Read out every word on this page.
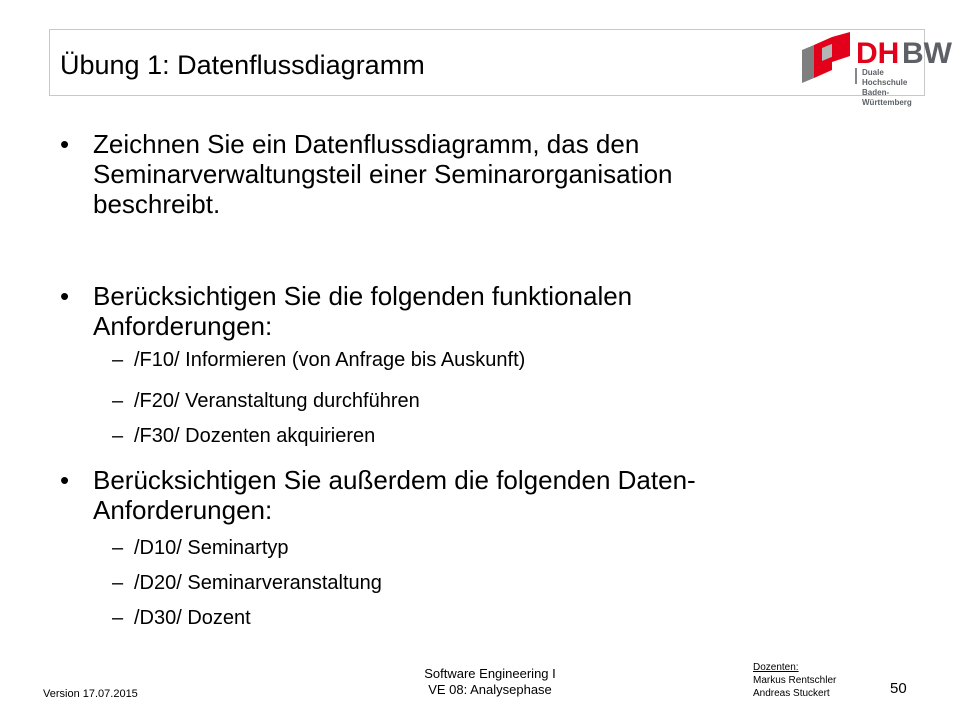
Übung 1: Datenflussdiagramm	DH BW
Duale Hochschule
Baden-Württemberg
• Zeichnen Sie ein Datenflussdiagramm, das den
Seminarverwaltungsteil einer Seminarorganisation
beschreibt.
• Berücksichtigen Sie die folgenden funktionalen
Anforderungen:
– /F10/ Informieren (von Anfrage bis Auskunft)
– /F20/ Veranstaltung durchführen
– /F30/ Dozenten akquirieren
• Berücksichtigen Sie außerdem die folgenden Daten-
Anforderungen:
– /D10/ Seminartyp
– /D20/ Seminarveranstaltung
– /D30/ Dozent
Version 17.07.2015
Software Engineering I
VE 08: Analysephase
Dozenten:
Markus Rentschler
Andreas Stuckert	50
